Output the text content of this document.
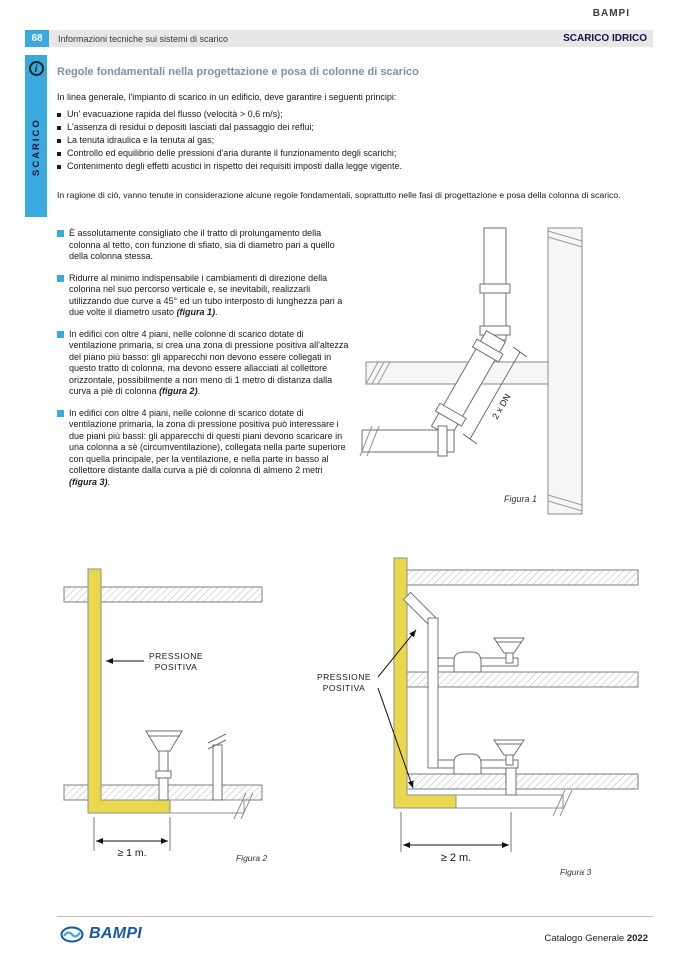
BAMPI
68	Informazioni tecniche sui sistemi di scarico	SCARICO IDRICO
i
SCARICO
Regole fondamentali nella progettazione e posa di colonne di scarico
In linea generale, l'impianto di scarico in un edificio, deve garantire i seguenti principi:
Un' evacuazione rapida del flusso (velocità > 0,6 m/s);
L'assenza di residui o depositi lasciati dal passaggio dei reflui;
La tenuta idraulica e la tenuta al gas;
Controllo ed equilibrio delle pressioni d'aria durante il funzionamento degli scarichi;
Contenimento degli effetti acustici in rispetto dei requisiti imposti dalla legge vigente.
In ragione di ciò, vanno tenute in considerazione alcune regole fondamentali, soprattutto nelle fasi di progettazione e posa della colonna di scarico.
È assolutamente consigliato che il tratto di prolungamento della colonna al tetto, con funzione di sfiato, sia di diametro pari a quello della colonna stessa.
Ridurre al minimo indispensabile i cambiamenti di direzione della colonna nel suo percorso verticale e, se inevitabili, realizzarli utilizzando due curve a 45° ed un tubo interposto di lunghezza pari a due volte il diametro usato (figura 1).
In edifici con oltre 4 piani, nelle colonne di scarico dotate di ventilazione primaria, si crea una zona di pressione positiva all'altezza del piano più basso: gli apparecchi non devono essere collegati in questo tratto di colonna, ma devono essere allacciati al collettore orizzontale, possibilmente a non meno di 1 metro di distanza dalla curva a piè di colonna (figura 2).
In edifici con oltre 4 piani, nelle colonne di scarico dotate di ventilazione primaria, la zona di pressione positiva può interessare i due piani più bassi: gli apparecchi di questi piani devono scaricare in una colonna a sè (circumventilazione), collegata nella parte superiore con quella principale, per la ventilazione, e nella parte in basso al collettore distante dalla curva a piè di colonna di almeno 2 metri (figura 3).
2 x DN
Figura 1
PRESSIONE
POSITIVA
≥ 1 m.	Figura 2
PRESSIONE
POSITIVA
≥ 2 m.
Figura 3
BAMPI	Catalogo Generale 2022
